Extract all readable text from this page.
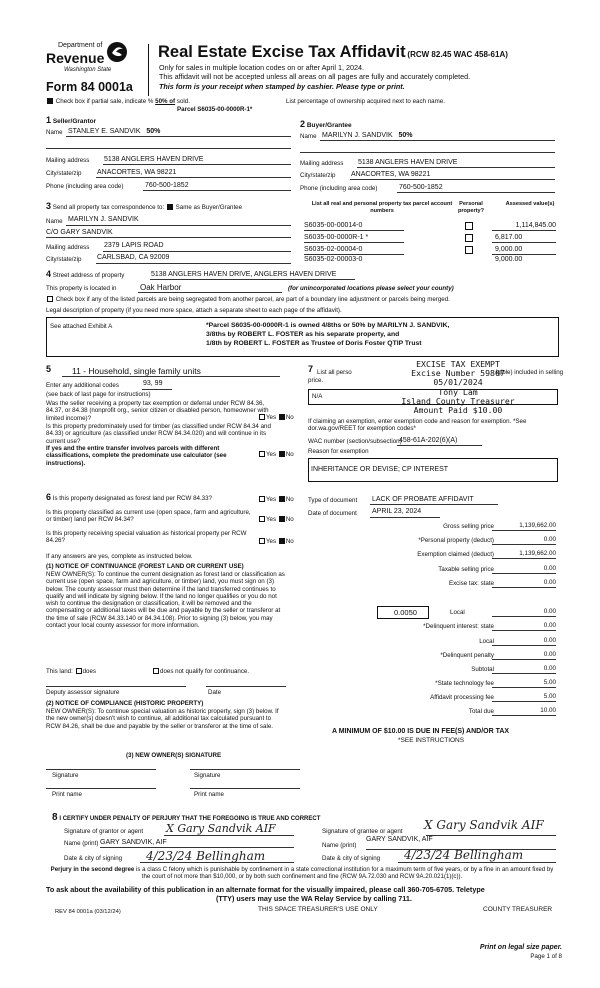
Department of
Revenue
Washington State
Form 84 0001a
Real Estate Excise Tax Affidavit (RCW 82.45 WAC 458-61A)
Only for sales in multiple location codes on or after April 1, 2024.
This affidavit will not be accepted unless all areas on all pages are fully and accurately completed.
This form is your receipt when stamped by cashier. Please type or print.
Check box if partial sale, indicate % 50% of sold.	List percentage of ownership acquired next to each name.
Parcel S6035-00-0000R-1*
1 Seller/Grantor
Name STANLEY E. SANDVIK 50%
Mailing address 5138 ANGLERS HAVEN DRIVE
City/state/zip ANACORTES, WA 98221
Phone (including area code)	760-500-1852
2 Buyer/Grantee
Name MARILYN J. SANDVIK 50%
Mailing address 5138 ANGLERS HAVEN DRIVE
City/state/zip ANACORTES, WA 98221
Phone (including area code)	760-500-1852
3 Send all property tax correspondence to: Same as Buyer/Grantee
Name MARILYN J. SANDVIK
C/O GARY SANDVIK
Mailing address 2379 LAPIS ROAD
City/state/zip CARLSBAD, CA 92009
List all real and personal property tax parcel account numbers
Personal property?
Assessed value(s)
S6035-00-00014-0	1,114,845.00
S6035-00-0000R-1 *	6,817.00
S6035-02-00004-0	9,000.00
S6035-02-00003-0	9,000.00
4 Street address of property	5138 ANGLERS HAVEN DRIVE, ANGLERS HAVEN DRIVE
This property is located in	Oak Harbor	(for unincorporated locations please select your county)
Check box if any of the listed parcels are being segregated from another parcel, are part of a boundary line adjustment or parcels being merged.
Legal description of property (if you need more space, attach a separate sheet to each page of the affidavit).
See attached Exhibit A	*Parcel S6035-00-0000R-1 is owned 4/8ths or 50% by MARILYN J. SANDVIK,
3/8ths by ROBERT L. FOSTER as his separate property, and
1/8th by ROBERT L. FOSTER as Trustee of Doris Foster QTIP Trust
5 11 - Household, single family units
Enter any additional codes	93, 99
(see back of last page for instructions)
Was the seller receiving a property tax exemption or deferral under RCW 84.36, 84.37, or 84.38 (nonprofit org., senior citizen or disabled person, homeowner with limited income)?	Yes No
Is this property predominately used for timber (as classified under RCW 84.34 and 84.33) or agriculture (as classified under RCW 84.34.020) and will continue in its current use?
If yes and the entire transfer involves parcels with different classifications, complete the predominate use calculator (see instructions).
Yes No
6 Is this property designated as forest land per RCW 84.33?	Yes No
Is this property classified as current use (open space, farm and agriculture, or timber) land per RCW 84.34?	Yes No
Is this property receiving special valuation as historical property per RCW 84.26?	Yes No
If any answers are yes, complete as instructed below.
(1) NOTICE OF CONTINUANCE (FOREST LAND OR CURRENT USE)
NEW OWNER(S): To continue the current designation as forest land or classification as current use (open space, farm and agriculture, or timber) land, you must sign on (3) below. The county assessor must then determine if the land transferred continues to qualify and will indicate by signing below. If the land no longer qualifies or you do not wish to continue the designation or classification, it will be removed and the compensating or additional taxes will be due and payable by the seller or transferor at the time of sale (RCW 84.33.140 or 84.34.108). Prior to signing (3) below, you may contact your local county assessor for more information.
This land: does	does not qualify for continuance.
Deputy assessor signature	Date
(2) NOTICE OF COMPLIANCE (HISTORIC PROPERTY)
NEW OWNER(S): To continue special valuation as historic property, sign (3) below. If the new owner(s) doesn't wish to continue, all additional tax calculated pursuant to RCW 84.26, shall be due and payable by the seller or transferor at the time of sale.
(3) NEW OWNER(S) SIGNATURE
Signature	Signature
Print name	Print name
7 List all perso
price.
igible) included in selling
N/A
EXCISE TAX EXEMPT
Excise Number 59807
05/01/2024
Tony Lam
Island County Treasurer
Amount Paid $10.00
If claiming an exemption, enter exemption code and reason for exemption. *See dor.wa.gov/REET for exemption codes*
WAC number (section/subsection)
458-61A-202(6)(A)
Reason for exemption
INHERITANCE OR DEVISE; CP INTEREST
Type of document LACK OF PROBATE AFFIDAVIT
Date of document APRIL 23, 2024
Gross selling price	1,139,662.00
*Personal property (deduct)	0.00
Exemption claimed (deduct)	1,139,662.00
Taxable selling price	0.00
Excise tax: state	0.00
0.0050	Local	0.00
*Delinquent interest: state	0.00
Local	0.00
*Delinquent penalty	0.00
Subtotal	0.00
*State technology fee	5.00
Affidavit processing fee	5.00
Total due	10.00
A MINIMUM OF $10.00 IS DUE IN FEE(S) AND/OR TAX
*SEE INSTRUCTIONS
8 I CERTIFY UNDER PENALTY OF PERJURY THAT THE FOREGOING IS TRUE AND CORRECT
Signature of grantor or agent X Gary Sandvik AIF
Name (print) GARY SANDVIK, AIF
Date & city of signing 4/23/24 Bellingham
Signature of grantee or agent X Gary Sandvik AIF
Name (print)
GARY SANDVIK, AIF
Date & city of signing 4/23/24 Bellingham
Perjury in the second degree is a class C felony which is punishable by confinement in a state correctional institution for a maximum term of five years, or by a fine in an amount fixed by the court of not more than $10,000, or by both such confinement and fine (RCW 9A.72.030 and RCW 9A.20.021(1)(c)).
To ask about the availability of this publication in an alternate format for the visually impaired, please call 360-705-6705. Teletype
(TTY) users may use the WA Relay Service by calling 711.
REV 84 0001a (03/12/24)	THIS SPACE TREASURER'S USE ONLY	COUNTY TREASURER
Print on legal size paper.
Page 1 of 8
